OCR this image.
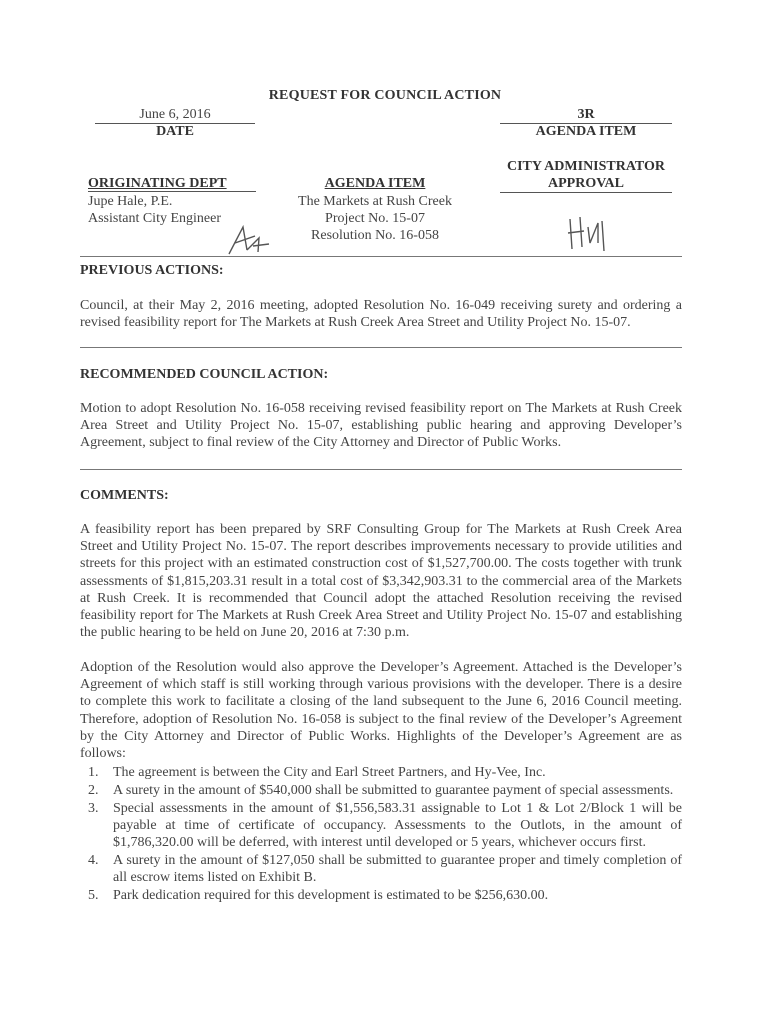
REQUEST FOR COUNCIL ACTION
June 6, 2016
DATE
3R
AGENDA ITEM
CITY ADMINISTRATOR
APPROVAL
ORIGINATING DEPT
Jupe Hale, P.E.
Assistant City Engineer
AGENDA ITEM
The Markets at Rush Creek
Project No. 15-07
Resolution No. 16-058
PREVIOUS ACTIONS:
Council, at their May 2, 2016 meeting, adopted Resolution No. 16-049 receiving surety and ordering a revised feasibility report for The Markets at Rush Creek Area Street and Utility Project No. 15-07.
RECOMMENDED COUNCIL ACTION:
Motion to adopt Resolution No. 16-058 receiving revised feasibility report on The Markets at Rush Creek Area Street and Utility Project No. 15-07, establishing public hearing and approving Developer’s Agreement, subject to final review of the City Attorney and Director of Public Works.
COMMENTS:
A feasibility report has been prepared by SRF Consulting Group for The Markets at Rush Creek Area Street and Utility Project No. 15-07. The report describes improvements necessary to provide utilities and streets for this project with an estimated construction cost of $1,527,700.00. The costs together with trunk assessments of $1,815,203.31 result in a total cost of $3,342,903.31 to the commercial area of the Markets at Rush Creek. It is recommended that Council adopt the attached Resolution receiving the revised feasibility report for The Markets at Rush Creek Area Street and Utility Project No. 15-07 and establishing the public hearing to be held on June 20, 2016 at 7:30 p.m.
Adoption of the Resolution would also approve the Developer’s Agreement. Attached is the Developer’s Agreement of which staff is still working through various provisions with the developer. There is a desire to complete this work to facilitate a closing of the land subsequent to the June 6, 2016 Council meeting. Therefore, adoption of Resolution No. 16-058 is subject to the final review of the Developer’s Agreement by the City Attorney and Director of Public Works. Highlights of the Developer’s Agreement are as follows:
1. The agreement is between the City and Earl Street Partners, and Hy-Vee, Inc.
2. A surety in the amount of $540,000 shall be submitted to guarantee payment of special assessments.
3. Special assessments in the amount of $1,556,583.31 assignable to Lot 1 & Lot 2/Block 1 will be payable at time of certificate of occupancy. Assessments to the Outlots, in the amount of $1,786,320.00 will be deferred, with interest until developed or 5 years, whichever occurs first.
4. A surety in the amount of $127,050 shall be submitted to guarantee proper and timely completion of all escrow items listed on Exhibit B.
5. Park dedication required for this development is estimated to be $256,630.00.
